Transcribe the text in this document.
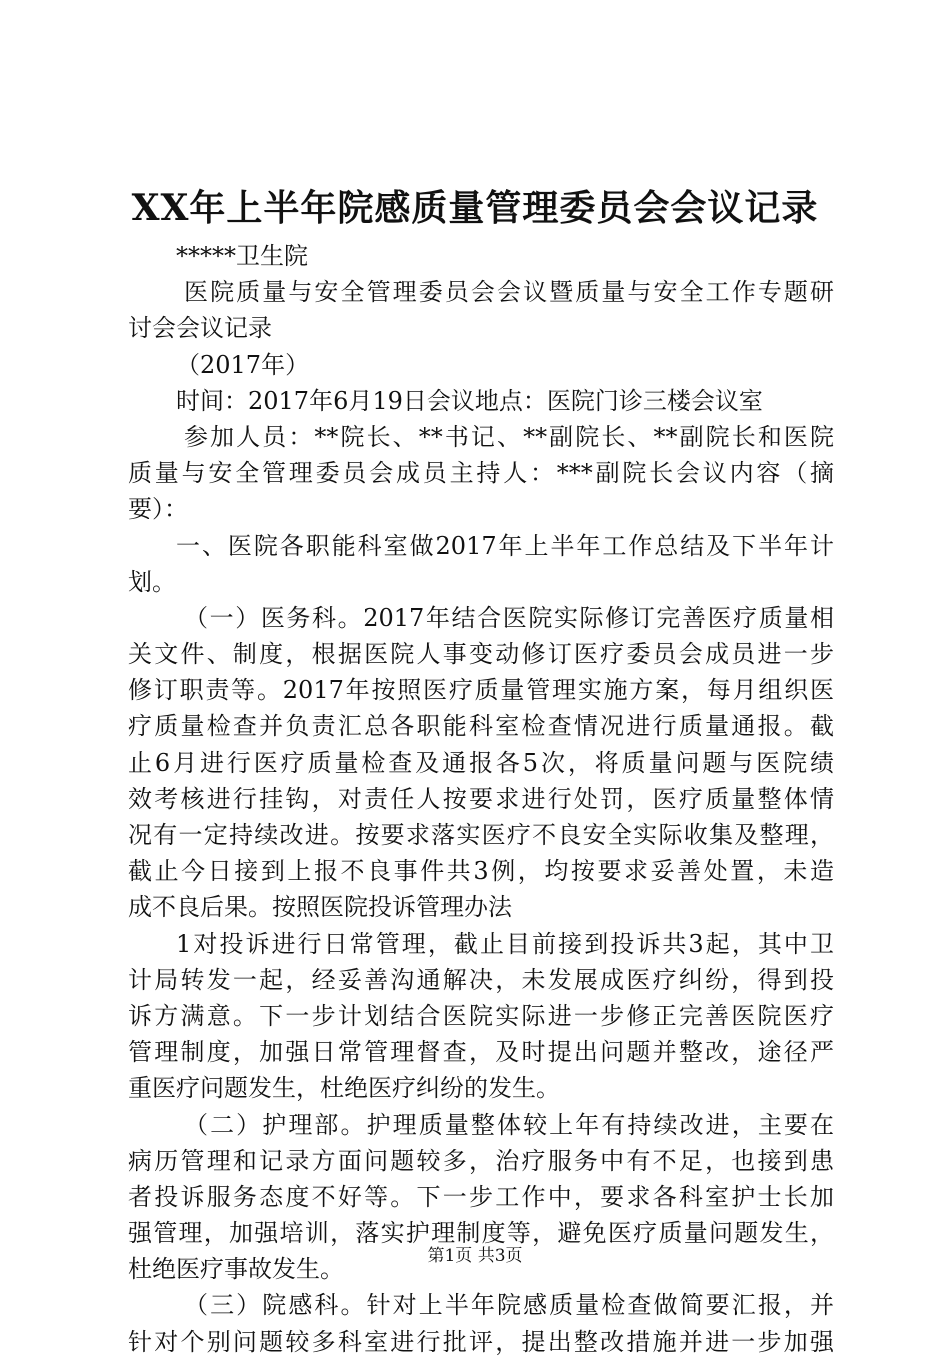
XX年上半年院感质量管理委员会会议记录
*****卫生院
医院质量与安全管理委员会会议暨质量与安全工作专题研
讨会会议记录
（2017年）
时间：2017年6月19日会议地点：医院门诊三楼会议室
参加人员：**院长、**书记、**副院长、**副院长和医院
质量与安全管理委员会成员主持人：***副院长会议内容（摘
要）：
一、医院各职能科室做2017年上半年工作总结及下半年计
划。
（一）医务科。2017年结合医院实际修订完善医疗质量相
关文件、制度，根据医院人事变动修订医疗委员会成员进一步
修订职责等。2017年按照医疗质量管理实施方案，每月组织医
疗质量检查并负责汇总各职能科室检查情况进行质量通报。截
止6月进行医疗质量检查及通报各5次，将质量问题与医院绩
效考核进行挂钩，对责任人按要求进行处罚，医疗质量整体情
况有一定持续改进。按要求落实医疗不良安全实际收集及整理，
截止今日接到上报不良事件共3例，均按要求妥善处置，未造
成不良后果。按照医院投诉管理办法
1对投诉进行日常管理，截止目前接到投诉共3起，其中卫
计局转发一起，经妥善沟通解决，未发展成医疗纠纷，得到投
诉方满意。下一步计划结合医院实际进一步修正完善医院医疗
管理制度，加强日常管理督查，及时提出问题并整改，途径严
重医疗问题发生，杜绝医疗纠纷的发生。
（二）护理部。护理质量整体较上年有持续改进，主要在
病历管理和记录方面问题较多，治疗服务中有不足，也接到患
者投诉服务态度不好等。下一步工作中，要求各科室护士长加
强管理，加强培训，落实护理制度等，避免医疗质量问题发生，
杜绝医疗事故发生。
（三）院感科。针对上半年院感质量检查做简要汇报，并
针对个别问题较多科室进行批评，提出整改措施并进一步加强
第1页 共3页
